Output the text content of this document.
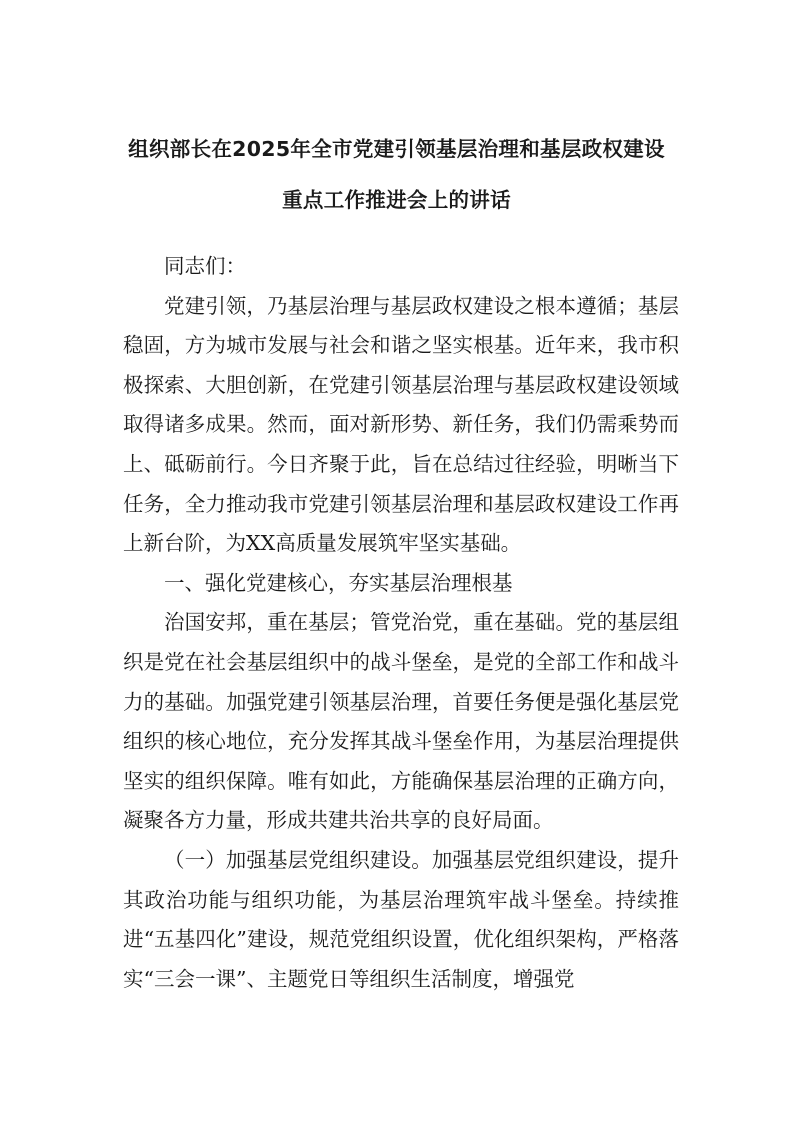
组织部长在2025年全市党建引领基层治理和基层政权建设
重点工作推进会上的讲话

同志们：

党建引领，乃基层治理与基层政权建设之根本遵循；基层稳固，方为城市发展与社会和谐之坚实根基。近年来，我市积极探索、大胆创新，在党建引领基层治理与基层政权建设领域取得诸多成果。然而，面对新形势、新任务，我们仍需乘势而上、砥砺前行。今日齐聚于此，旨在总结过往经验，明晰当下任务，全力推动我市党建引领基层治理和基层政权建设工作再上新台阶，为XX高质量发展筑牢坚实基础。

一、强化党建核心，夯实基层治理根基

治国安邦，重在基层；管党治党，重在基础。党的基层组织是党在社会基层组织中的战斗堡垒，是党的全部工作和战斗力的基础。加强党建引领基层治理，首要任务便是强化基层党组织的核心地位，充分发挥其战斗堡垒作用，为基层治理提供坚实的组织保障。唯有如此，方能确保基层治理的正确方向，凝聚各方力量，形成共建共治共享的良好局面。

（一）加强基层党组织建设。加强基层党组织建设，提升其政治功能与组织功能，为基层治理筑牢战斗堡垒。持续推进“五基四化”建设，规范党组织设置，优化组织架构，严格落实“三会一课”、主题党日等组织生活制度，增强党
